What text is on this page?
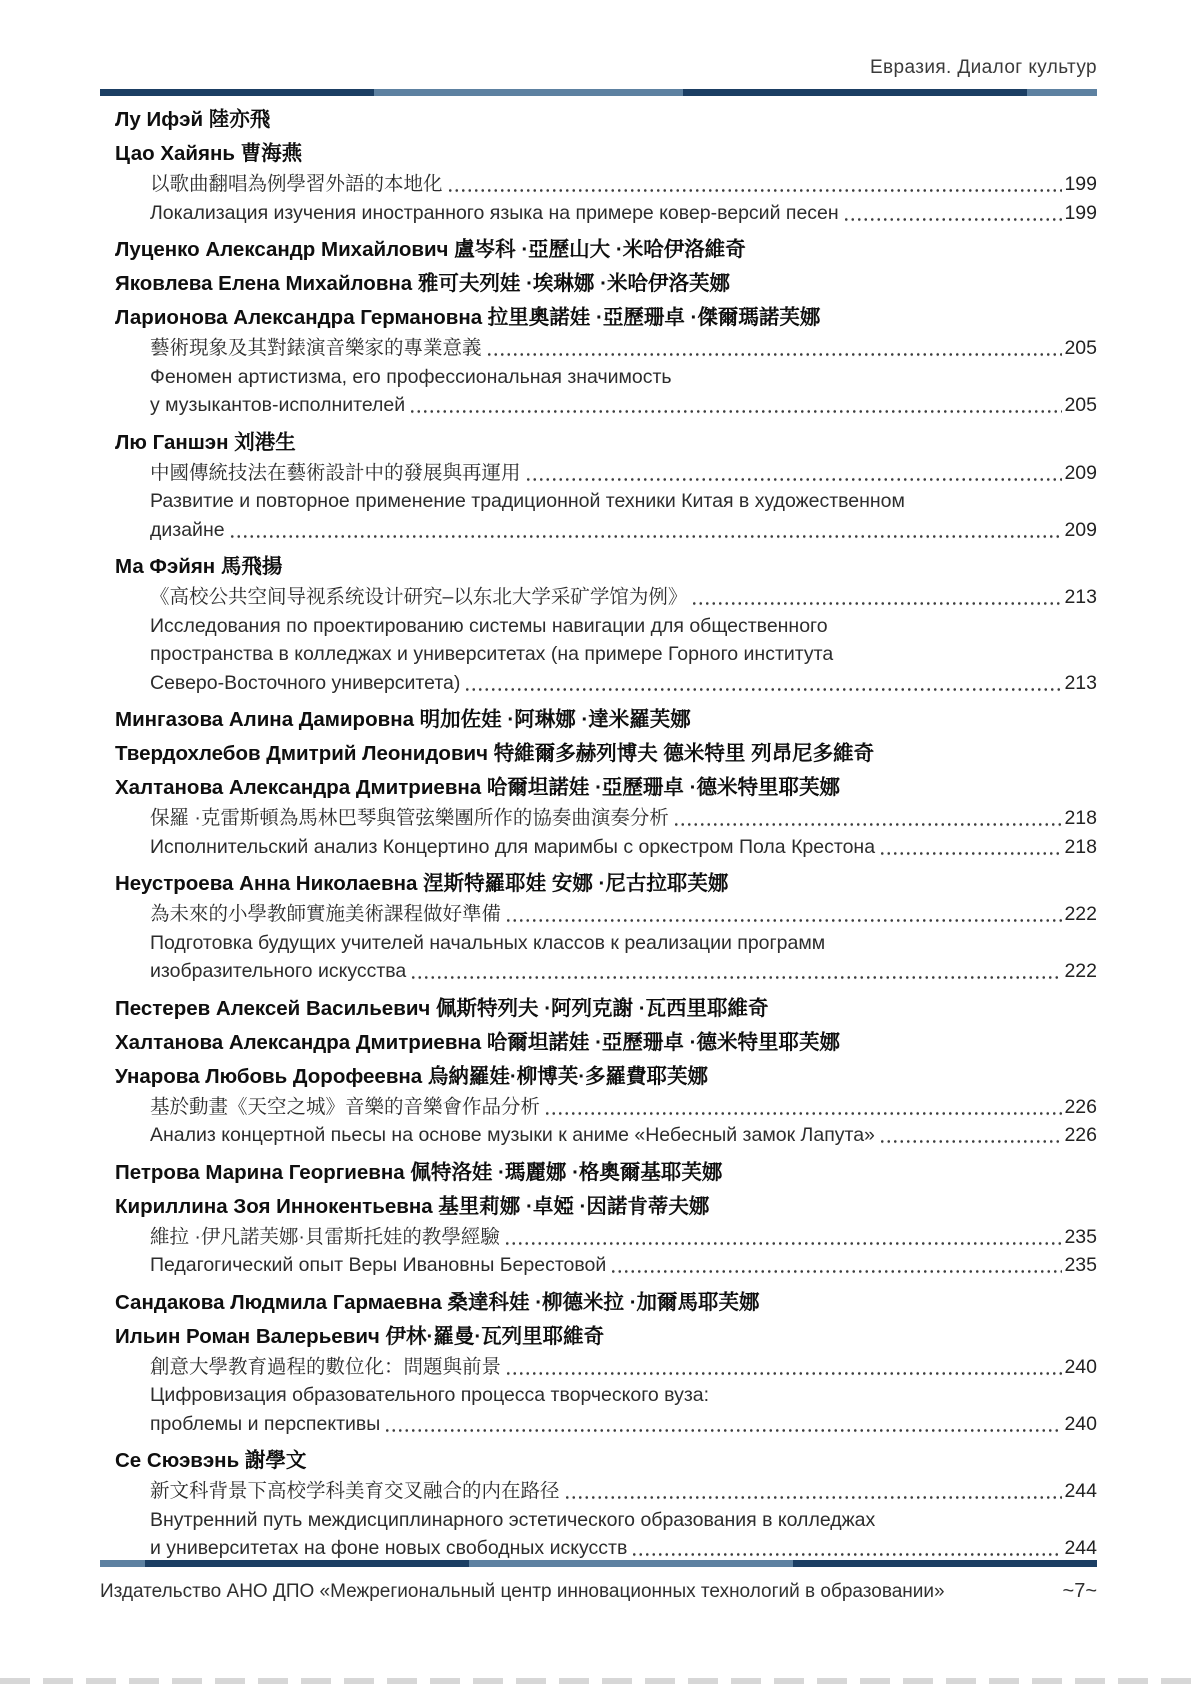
Евразия. Диалог культур
Лу Ифэй 陸亦飛
Цао Хайянь 曹海燕
以歌曲翻唱為例學習外語的本地化	199
Локализация изучения иностранного языка на примере ковер-версий песен	199
Луценко Александр Михайлович 盧岑科 ·亞歷山大 ·米哈伊洛維奇
Яковлева Елена Михайловна 雅可夫列娃 ·埃琳娜 ·米哈伊洛芙娜
Ларионова Александра Германовна 拉里奧諾娃 ·亞歷珊卓 ·傑爾瑪諾芙娜
藝術現象及其對錶演音樂家的專業意義	205
Феномен артистизма, его профессиональная значимость
у музыкантов-исполнителей	205
Лю Ганшэн 刘港生
中國傳統技法在藝術設計中的發展與再運用	209
Развитие и повторное применение традиционной техники Китая в художественном
дизайне	209
Ма Фэйян 馬飛揚
《高校公共空间导视系统设计研究–以东北大学采矿学馆为例》	213
Исследования по проектированию системы навигации для общественного
пространства в колледжах и университетах (на примере Горного института
Северо-Восточного университета)	213
Мингазова Алина Дамировна 明加佐娃 ·阿琳娜 ·達米羅芙娜
Твердохлебов Дмитрий Леонидович 特維爾多赫列博夫 德米特里 列昂尼多維奇
Халтанова Александра Дмитриевна 哈爾坦諾娃 ·亞歷珊卓 ·德米特里耶芙娜
保羅 ·克雷斯頓為馬林巴琴與管弦樂團所作的協奏曲演奏分析	218
Исполнительский анализ Концертино для маримбы с оркестром Пола Крестона	218
Неустроева Анна Николаевна 涅斯特羅耶娃 安娜 ·尼古拉耶芙娜
為未來的小學教師實施美術課程做好準備	222
Подготовка будущих учителей начальных классов к реализации программ
изобразительного искусства	222
Пестерев Алексей Васильевич 佩斯特列夫 ·阿列克謝 ·瓦西里耶維奇
Халтанова Александра Дмитриевна 哈爾坦諾娃 ·亞歷珊卓 ·德米特里耶芙娜
Унарова Любовь Дорофеевна 烏納羅娃·柳博芙·多羅費耶芙娜
基於動畫《天空之城》音樂的音樂會作品分析	226
Анализ концертной пьесы на основе музыки к аниме «Небесный замок Лапута»	226
Петрова Марина Георгиевна 佩特洛娃 ·瑪麗娜 ·格奧爾基耶芙娜
Кириллина Зоя Иннокентьевна 基里莉娜 ·卓婭 ·因諾肯蒂夫娜
維拉 ·伊凡諾芙娜·貝雷斯托娃的教學經驗	235
Педагогический опыт Веры Ивановны Берестовой	235
Сандакова Людмила Гармаевна 桑達科娃 ·柳德米拉 ·加爾馬耶芙娜
Ильин Роман Валерьевич 伊林·羅曼·瓦列里耶維奇
創意大學教育過程的數位化：問題與前景	240
Цифровизация образовательного процесса творческого вуза:
проблемы и перспективы	240
Се Сюэвэнь 謝學文
新文科背景下高校学科美育交叉融合的内在路径	244
Внутренний путь междисциплинарного эстетического образования в колледжах
и университетах на фоне новых свободных искусств	244
Издательство АНО ДПО «Межрегиональный центр инновационных технологий в образовании»	~7~
